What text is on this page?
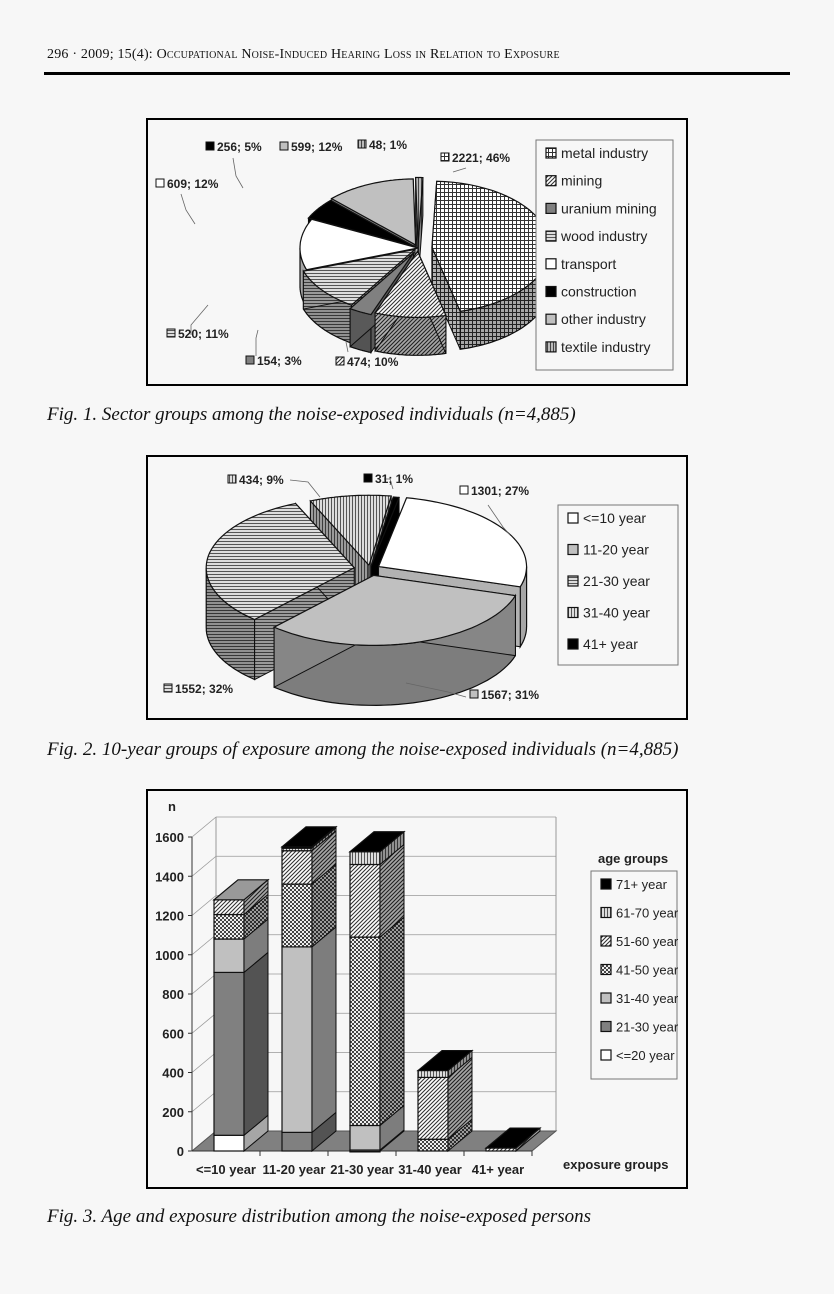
296 · 2009; 15(4): Occupational Noise-Induced Hearing Loss in Relation to Exposure
metal industry
mining
uranium mining
wood industry
transport
construction
other industry
textile industry
2221; 46%
474; 10%
154; 3%
520; 11%
609; 12%
256; 5% 599; 12% 48; 1%
Fig. 1. Sector groups among the noise-exposed individuals (n=4,885)
<=10 year
11-20 year
21-30 year
31-40 year
41+ year
1301; 27%
1567; 31%
1552; 32%
434; 9%	31; 1%
Fig. 2. 10-year groups of exposure among the noise-exposed individuals (n=4,885)
0
200
400
600
800
1000
1200
1400
1600
n
<=10 year 11-20 year 21-30 year 31-40 year 41+ year	exposure groups
age groups
71+ year
61-70 year
51-60 year
41-50 year
31-40 year
21-30 year
<=20 year
Fig. 3. Age and exposure distribution among the noise-exposed persons
